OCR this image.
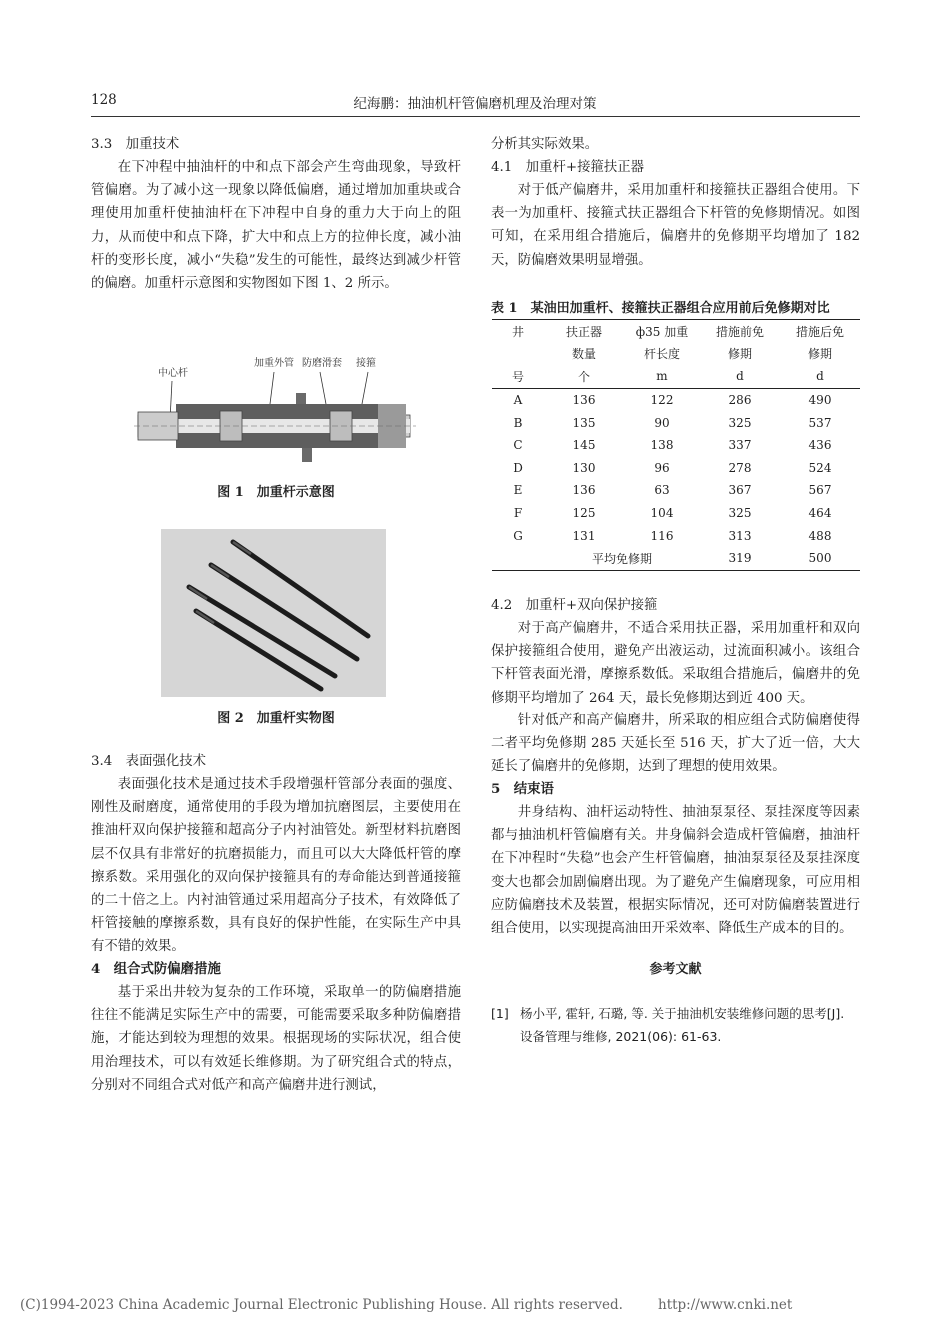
128	纪海鹏：抽油机杆管偏磨机理及治理对策
3.3　加重技术
在下冲程中抽油杆的中和点下部会产生弯曲现象，导致杆管偏磨。为了减小这一现象以降低偏磨，通过增加加重块或合理使用加重杆使抽油杆在下冲程中自身的重力大于向上的阻力，从而使中和点下降，扩大中和点上方的拉伸长度，减小油杆的变形长度，减小“失稳”发生的可能性，最终达到减少杆管的偏磨。加重杆示意图和实物图如下图 1、2 所示。
中心杆
加重外管 防磨滑套 接箍
图 1　加重杆示意图
图 2　加重杆实物图
3.4　表面强化技术
表面强化技术是通过技术手段增强杆管部分表面的强度、刚性及耐磨度，通常使用的手段为增加抗磨图层，主要使用在推油杆双向保护接箍和超高分子内衬油管处。新型材料抗磨图层不仅具有非常好的抗磨损能力，而且可以大大降低杆管的摩擦系数。采用强化的双向保护接箍具有的寿命能达到普通接箍的二十倍之上。内衬油管通过采用超高分子技术，有效降低了杆管接触的摩擦系数，具有良好的保护性能，在实际生产中具有不错的效果。
4　组合式防偏磨措施
基于采出井较为复杂的工作环境，采取单一的防偏磨措施往往不能满足实际生产中的需要，可能需要采取多种防偏磨措施，才能达到较为理想的效果。根据现场的实际状况，组合使用治理技术，可以有效延长维修期。为了研究组合式的特点，分别对不同组合式对低产和高产偏磨井进行测试，
分析其实际效果。
4.1　加重杆+接箍扶正器
对于低产偏磨井，采用加重杆和接箍扶正器组合使用。下表一为加重杆、接箍式扶正器组合下杆管的免修期情况。如图可知，在采用组合措施后，偏磨井的免修期平均增加了 182 天，防偏磨效果明显增强。
表 1　某油田加重杆、接箍扶正器组合应用前后免修期对比
井	扶正器	ф35 加重	措施前免	措施后免
	数量	杆长度	修期	修期
号	个	m	d	d
A	136	122	286	490
B	135	90	325	537
C	145	138	337	436
D	130	96	278	524
E	136	63	367	567
F	125	104	325	464
G	131	116	313	488
	平均免修期		319	500
4.2　加重杆+双向保护接箍
对于高产偏磨井，不适合采用扶正器，采用加重杆和双向保护接箍组合使用，避免产出液运动，过流面积减小。该组合下杆管表面光滑，摩擦系数低。采取组合措施后，偏磨井的免修期平均增加了 264 天，最长免修期达到近 400 天。
针对低产和高产偏磨井，所采取的相应组合式防偏磨使得二者平均免修期 285 天延长至 516 天，扩大了近一倍，大大延长了偏磨井的免修期，达到了理想的使用效果。
5　结束语
井身结构、油杆运动特性、抽油泵泵径、泵挂深度等因素都与抽油机杆管偏磨有关。井身偏斜会造成杆管偏磨，抽油杆在下冲程时“失稳”也会产生杆管偏磨，抽油泵泵径及泵挂深度变大也都会加剧偏磨出现。为了避免产生偏磨现象，可应用相应防偏磨技术及装置，根据实际情况，还可对防偏磨装置进行组合使用，以实现提高油田开采效率、降低生产成本的目的。
参考文献
[1] 杨小平, 霍轩, 石璐, 等. 关于抽油机安装维修问题的思考[J]. 设备管理与维修, 2021(06): 61-63.
(C)1994-2023 China Academic Journal Electronic Publishing House. All rights reserved.	http://www.cnki.net
